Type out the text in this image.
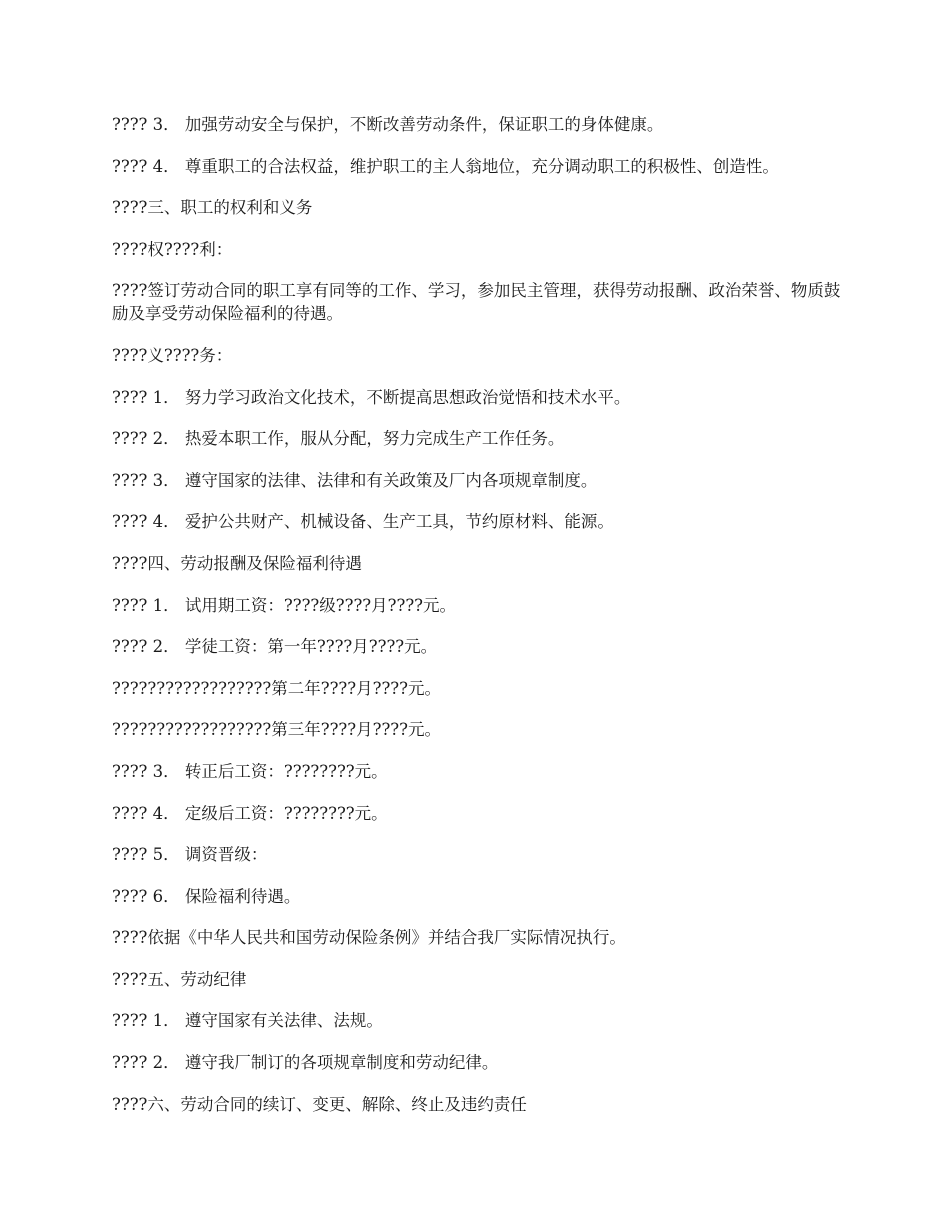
???? 3． 加强劳动安全与保护，不断改善劳动条件，保证职工的身体健康。

???? 4． 尊重职工的合法权益，维护职工的主人翁地位，充分调动职工的积极性、创造性。

????三、职工的权利和义务

????权????利：

????签订劳动合同的职工享有同等的工作、学习，参加民主管理，获得劳动报酬、政治荣誉、物质鼓励及享受劳动保险福利的待遇。

????义????务：

???? 1． 努力学习政治文化技术，不断提高思想政治觉悟和技术水平。

???? 2． 热爱本职工作，服从分配，努力完成生产工作任务。

???? 3． 遵守国家的法律、法律和有关政策及厂内各项规章制度。

???? 4． 爱护公共财产、机械设备、生产工具，节约原材料、能源。

????四、劳动报酬及保险福利待遇

???? 1． 试用期工资：????级????月????元。

???? 2． 学徒工资：第一年????月????元。

??????????????????第二年????月????元。

??????????????????第三年????月????元。

???? 3． 转正后工资：????????元。

???? 4． 定级后工资：????????元。

???? 5． 调资晋级：

???? 6． 保险福利待遇。

????依据《中华人民共和国劳动保险条例》并结合我厂实际情况执行。

????五、劳动纪律

???? 1． 遵守国家有关法律、法规。

???? 2． 遵守我厂制订的各项规章制度和劳动纪律。

????六、劳动合同的续订、变更、解除、终止及违约责任
